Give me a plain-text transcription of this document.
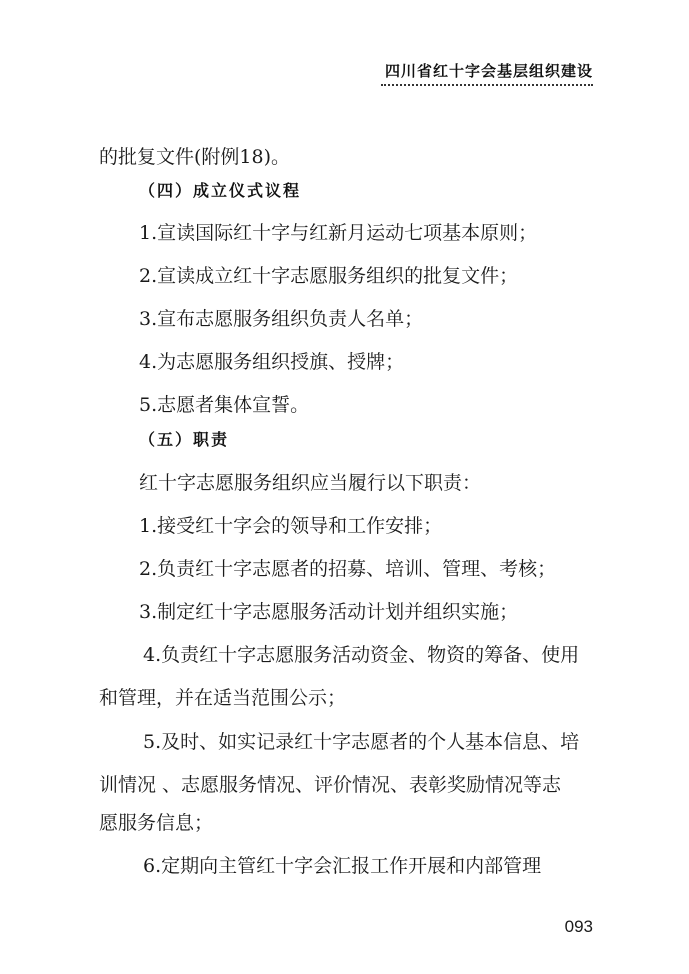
四川省红十字会基层组织建设
的批复文件(附例18)。
（四）成立仪式议程
1.宣读国际红十字与红新月运动七项基本原则；
2.宣读成立红十字志愿服务组织的批复文件；
3.宣布志愿服务组织负责人名单；
4.为志愿服务组织授旗、授牌；
5.志愿者集体宣誓。
（五）职责
红十字志愿服务组织应当履行以下职责：
1.接受红十字会的领导和工作安排；
2.负责红十字志愿者的招募、培训、管理、考核；
3.制定红十字志愿服务活动计划并组织实施；
4.负责红十字志愿服务活动资金、物资的筹备、使用
和管理，并在适当范围公示；
5.及时、如实记录红十字志愿者的个人基本信息、培
训情况 、志愿服务情况、评价情况、表彰奖励情况等志
愿服务信息；
6.定期向主管红十字会汇报工作开展和内部管理
093
